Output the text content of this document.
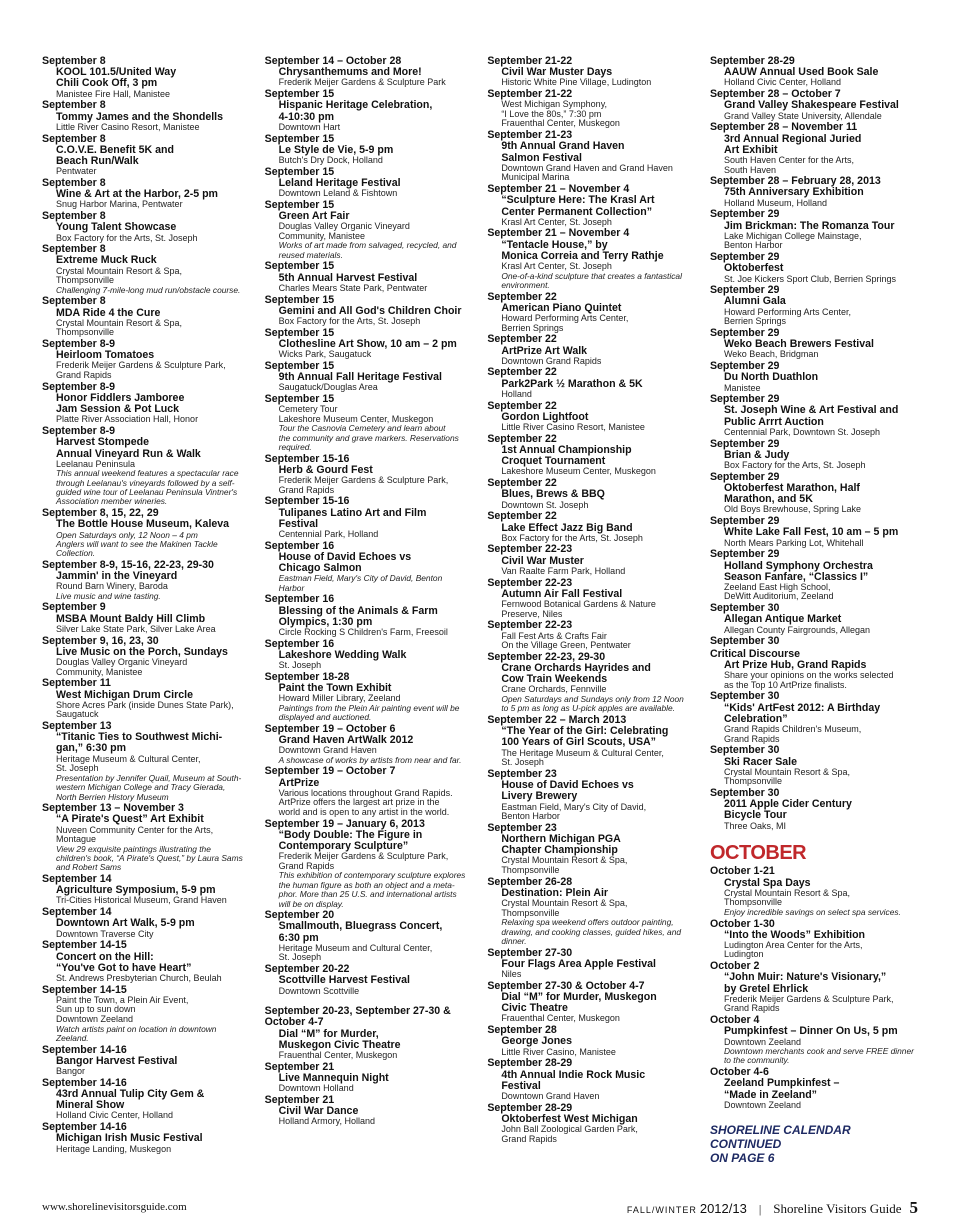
September 8
KOOL 101.5/United Way
Chili Cook Off, 3 pm
Manistee Fire Hall, Manistee
September 8
Tommy James and the Shondells
Little River Casino Resort, Manistee
September 8
C.O.V.E. Benefit 5K and
Beach Run/Walk
Pentwater
September 8
Wine & Art at the Harbor, 2-5 pm
Snug Harbor Marina, Pentwater
September 8
Young Talent Showcase
Box Factory for the Arts, St. Joseph
September 8
Extreme Muck Ruck
Crystal Mountain Resort & Spa,
Thompsonville
Challenging 7-mile-long mud run/obstacle course.
September 8
MDA Ride 4 the Cure
Crystal Mountain Resort & Spa,
Thompsonville
September 8-9
Heirloom Tomatoes
Frederik Meijer Gardens & Sculpture Park,
Grand Rapids
September 8-9
Honor Fiddlers Jamboree
Jam Session & Pot Luck
Platte River Association Hall, Honor
September 8-9
Harvest Stompede
Annual Vineyard Run & Walk
Leelanau Peninsula
This annual weekend features a spectacular race
through Leelanau's vineyards followed by a self-
guided wine tour of Leelanau Peninsula Vintner's
Association member wineries.
September 8, 15, 22, 29
The Bottle House Museum, Kaleva
Open Saturdays only, 12 Noon – 4 pm
Anglers will want to see the Makinen Tackle
Collection.
September 8-9, 15-16, 22-23, 29-30
Jammin' in the Vineyard
Round Barn Winery, Baroda
Live music and wine tasting.
September 9
MSBA Mount Baldy Hill Climb
Silver Lake State Park, Silver Lake Area
September 9, 16, 23, 30
Live Music on the Porch, Sundays
Douglas Valley Organic Vineyard
Community, Manistee
September 11
West Michigan Drum Circle
Shore Acres Park (inside Dunes State Park),
Saugatuck
September 13
“Titanic Ties to Southwest Michi-
gan,” 6:30 pm
Heritage Museum & Cultural Center,
St. Joseph
Presentation by Jennifer Quail, Museum at South-
western Michigan College and Tracy Gierada,
North Berrien History Museum
September 13 – November 3
“A Pirate's Quest” Art Exhibit
Nuveen Community Center for the Arts,
Montague
View 29 exquisite paintings illustrating the
children's book, “A Pirate's Quest,” by Laura Sams
and Robert Sams
September 14
Agriculture Symposium, 5-9 pm
Tri-Cities Historical Museum, Grand Haven
September 14
Downtown Art Walk, 5-9 pm
Downtown Traverse City
September 14-15
Concert on the Hill:
“You've Got to have Heart”
St. Andrews Presbyterian Church, Beulah
September 14-15
Paint the Town, a Plein Air Event,
Sun up to sun down
Downtown Zeeland
Watch artists paint on location in downtown
Zeeland.
September 14-16
Bangor Harvest Festival
Bangor
September 14-16
43rd Annual Tulip City Gem &
Mineral Show
Holland Civic Center, Holland
September 14-16
Michigan Irish Music Festival
Heritage Landing, Muskegon
September 14 – October 28
Chrysanthemums and More!
Frederik Meijer Gardens & Sculpture Park
September 15
Hispanic Heritage Celebration,
4-10:30 pm
Downtown Hart
September 15
Le Style de Vie, 5-9 pm
Butch's Dry Dock, Holland
September 15
Leland Heritage Festival
Downtown Leland & Fishtown
September 15
Green Art Fair
Douglas Valley Organic Vineyard
Community, Manistee
Works of art made from salvaged, recycled, and
reused materials.
September 15
5th Annual Harvest Festival
Charles Mears State Park, Pentwater
September 15
Gemini and All God's Children Choir
Box Factory for the Arts, St. Joseph
September 15
Clothesline Art Show, 10 am – 2 pm
Wicks Park, Saugatuck
September 15
9th Annual Fall Heritage Festival
Saugatuck/Douglas Area
September 15
Cemetery Tour
Lakeshore Museum Center, Muskegon
Tour the Casnovia Cemetery and learn about
the community and grave markers. Reservations
required.
September 15-16
Herb & Gourd Fest
Frederik Meijer Gardens & Sculpture Park,
Grand Rapids
September 15-16
Tulipanes Latino Art and Film
Festival
Centennial Park, Holland
September 16
House of David Echoes vs
Chicago Salmon
Eastman Field, Mary's City of David, Benton
Harbor
September 16
Blessing of the Animals & Farm
Olympics, 1:30 pm
Circle Rocking S Children's Farm, Freesoil
September 16
Lakeshore Wedding Walk
St. Joseph
September 18-28
Paint the Town Exhibit
Howard Miller Library, Zeeland
Paintings from the Plein Air painting event will be
displayed and auctioned.
September 19 – October 6
Grand Haven ArtWalk 2012
Downtown Grand Haven
A showcase of works by artists from near and far.
September 19 – October 7
ArtPrize
Various locations throughout Grand Rapids.
ArtPrize offers the largest art prize in the
world and is open to any artist in the world.
September 19 – January 6, 2013
“Body Double: The Figure in
Contemporary Sculpture”
Frederik Meijer Gardens & Sculpture Park,
Grand Rapids
This exhibition of contemporary sculpture explores
the human figure as both an object and a meta-
phor. More than 25 U.S. and international artists
will be on display.
September 20
Smallmouth, Bluegrass Concert,
6:30 pm
Heritage Museum and Cultural Center,
St. Joseph
September 20-22
Scottville Harvest Festival
Downtown Scottville
September 20-23, September 27-30 &
October 4-7
Dial “M” for Murder,
Muskegon Civic Theatre
Frauenthal Center, Muskegon
September 21
Live Mannequin Night
Downtown Holland
September 21
Civil War Dance
Holland Armory, Holland
September 21-22
Civil War Muster Days
Historic White Pine Village, Ludington
September 21-22
West Michigan Symphony,
“I Love the 80s,” 7:30 pm
Frauenthal Center, Muskegon
September 21-23
9th Annual Grand Haven
Salmon Festival
Downtown Grand Haven and Grand Haven
Municipal Marina
September 21 – November 4
“Sculpture Here: The Krasl Art
Center Permanent Collection”
Krasl Art Center, St. Joseph
September 21 – November 4
“Tentacle House,” by
Monica Correia and Terry Rathje
Krasl Art Center, St. Joseph
One-of-a-kind sculpture that creates a fantastical
environment.
September 22
American Piano Quintet
Howard Performing Arts Center,
Berrien Springs
September 22
ArtPrize Art Walk
Downtown Grand Rapids
September 22
Park2Park ½ Marathon & 5K
Holland
September 22
Gordon Lightfoot
Little River Casino Resort, Manistee
September 22
1st Annual Championship
Croquet Tournament
Lakeshore Museum Center, Muskegon
September 22
Blues, Brews & BBQ
Downtown St. Joseph
September 22
Lake Effect Jazz Big Band
Box Factory for the Arts, St. Joseph
September 22-23
Civil War Muster
Van Raalte Farm Park, Holland
September 22-23
Autumn Air Fall Festival
Fernwood Botanical Gardens & Nature
Preserve, Niles
September 22-23
Fall Fest Arts & Crafts Fair
On the Village Green, Pentwater
September 22-23, 29-30
Crane Orchards Hayrides and
Cow Train Weekends
Crane Orchards, Fennville
Open Saturdays and Sundays only from 12 Noon
to 5 pm as long as U-pick apples are available.
September 22 – March 2013
“The Year of the Girl: Celebrating
100 Years of Girl Scouts, USA”
The Heritage Museum & Cultural Center,
St. Joseph
September 23
House of David Echoes vs
Livery Brewery
Eastman Field, Mary's City of David,
Benton Harbor
September 23
Northern Michigan PGA
Chapter Championship
Crystal Mountain Resort & Spa,
Thompsonville
September 26-28
Destination: Plein Air
Crystal Mountain Resort & Spa,
Thompsonville
Relaxing spa weekend offers outdoor painting,
drawing, and cooking classes, guided hikes, and
dinner.
September 27-30
Four Flags Area Apple Festival
Niles
September 27-30 & October 4-7
Dial “M” for Murder, Muskegon
Civic Theatre
Frauenthal Center, Muskegon
September 28
George Jones
Little River Casino, Manistee
September 28-29
4th Annual Indie Rock Music
Festival
Downtown Grand Haven
September 28-29
Oktoberfest West Michigan
John Ball Zoological Garden Park,
Grand Rapids
September 28-29
AAUW Annual Used Book Sale
Holland Civic Center, Holland
September 28 – October 7
Grand Valley Shakespeare Festival
Grand Valley State University, Allendale
September 28 – November 11
3rd Annual Regional Juried
Art Exhibit
South Haven Center for the Arts,
South Haven
September 28 – February 28, 2013
75th Anniversary Exhibition
Holland Museum, Holland
September 29
Jim Brickman: The Romanza Tour
Lake Michigan College Mainstage,
Benton Harbor
September 29
Oktoberfest
St. Joe Kickers Sport Club, Berrien Springs
September 29
Alumni Gala
Howard Performing Arts Center,
Berrien Springs
September 29
Weko Beach Brewers Festival
Weko Beach, Bridgman
September 29
Du North Duathlon
Manistee
September 29
St. Joseph Wine & Art Festival and
Public Arrrt Auction
Centennial Park, Downtown St. Joseph
September 29
Brian & Judy
Box Factory for the Arts, St. Joseph
September 29
Oktoberfest Marathon, Half
Marathon, and 5K
Old Boys Brewhouse, Spring Lake
September 29
White Lake Fall Fest, 10 am – 5 pm
North Mears Parking Lot, Whitehall
September 29
Holland Symphony Orchestra
Season Fanfare, “Classics I”
Zeeland East High School,
DeWitt Auditorium, Zeeland
September 30
Allegan Antique Market
Allegan County Fairgrounds, Allegan
September 30
Critical Discourse
Art Prize Hub, Grand Rapids
Share your opinions on the works selected
as the Top 10 ArtPrize finalists.
September 30
“Kids' ArtFest 2012: A Birthday
Celebration”
Grand Rapids Children's Museum,
Grand Rapids
September 30
Ski Racer Sale
Crystal Mountain Resort & Spa,
Thompsonville
September 30
2011 Apple Cider Century
Bicycle Tour
Three Oaks, MI
OCTOBER
October 1-21
Crystal Spa Days
Crystal Mountain Resort & Spa,
Thompsonville
Enjoy incredible savings on select spa services.
October 1-30
“Into the Woods” Exhibition
Ludington Area Center for the Arts,
Ludington
October 2
“John Muir: Nature's Visionary,”
by Gretel Ehrlick
Frederik Meijer Gardens & Sculpture Park,
Grand Rapids
October 4
Pumpkinfest – Dinner On Us, 5 pm
Downtown Zeeland
Downtown merchants cook and serve FREE dinner
to the community.
October 4-6
Zeeland Pumpkinfest –
“Made in Zeeland”
Downtown Zeeland
SHORELINE CALENDAR CONTINUED
ON PAGE 6
www.shorelinevisitorsguide.com	FALL/WINTER 2012/13 | Shoreline Visitors Guide 5
